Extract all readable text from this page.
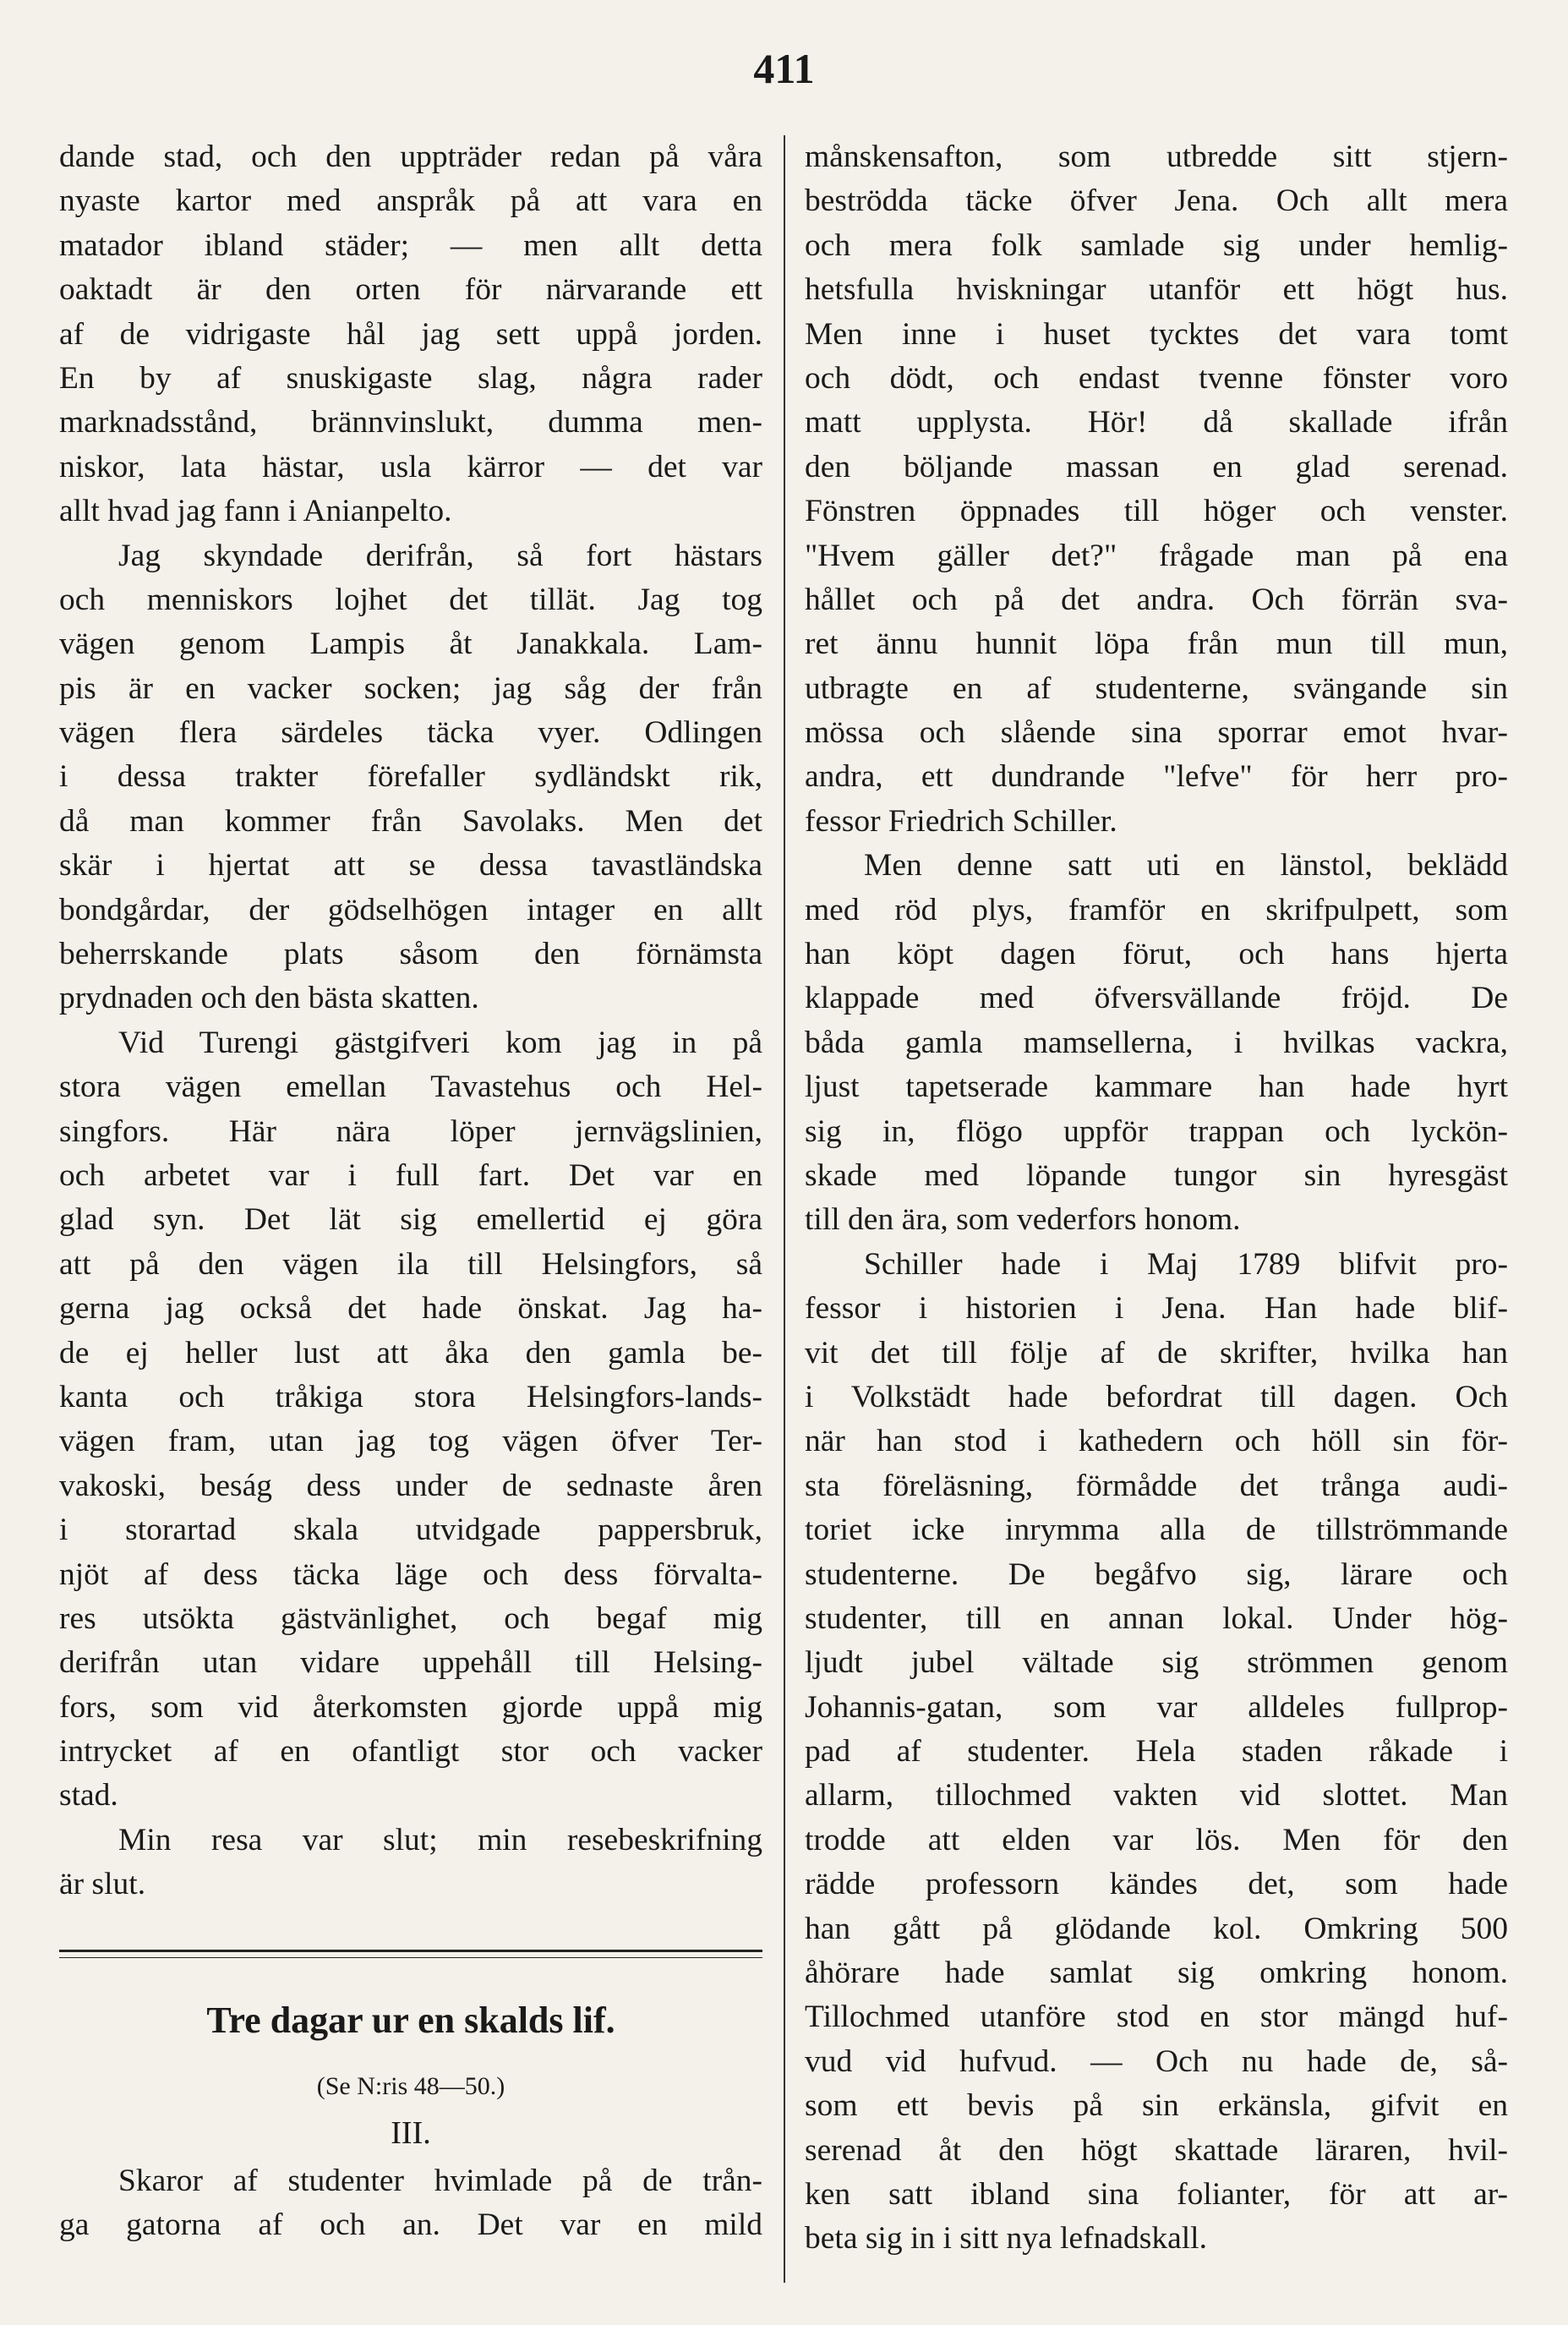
411
dande stad, och den uppträder redan på våra
nyaste kartor med anspråk på att vara en
matador ibland städer; — men allt detta
oaktadt är den orten för närvarande ett
af de vidrigaste hål jag sett uppå jorden.
En by af snuskigaste slag, några rader
marknadsstånd, brännvinslukt, dumma men-
niskor, lata hästar, usla kärror — det var
allt hvad jag fann i Anianpelto.
Jag skyndade derifrån, så fort hästars
och menniskors lojhet det tillät. Jag tog
vägen genom Lampis åt Janakkala. Lam-
pis är en vacker socken; jag såg der från
vägen flera särdeles täcka vyer. Odlingen
i dessa trakter förefaller sydländskt rik,
då man kommer från Savolaks. Men det
skär i hjertat att se dessa tavastländska
bondgårdar, der gödselhögen intager en allt
beherrskande plats såsom den förnämsta
prydnaden och den bästa skatten.
Vid Turengi gästgifveri kom jag in på
stora vägen emellan Tavastehus och Hel-
singfors. Här nära löper jernvägslinien,
och arbetet var i full fart. Det var en
glad syn. Det lät sig emellertid ej göra
att på den vägen ila till Helsingfors, så
gerna jag också det hade önskat. Jag ha-
de ej heller lust att åka den gamla be-
kanta och tråkiga stora Helsingfors-lands-
vägen fram, utan jag tog vägen öfver Ter-
vakoski, beság dess under de sednaste åren
i storartad skala utvidgade pappersbruk,
njöt af dess täcka läge och dess förvalta-
res utsökta gästvänlighet, och begaf mig
derifrån utan vidare uppehåll till Helsing-
fors, som vid återkomsten gjorde uppå mig
intrycket af en ofantligt stor och vacker
stad.
Min resa var slut; min resebeskrifning
är slut.
Tre dagar ur en skalds lif.
(Se N:ris 48—50.)
III.
Skaror af studenter hvimlade på de trån-
ga gatorna af och an. Det var en mild
månskensafton, som utbredde sitt stjern-
beströdda täcke öfver Jena. Och allt mera
och mera folk samlade sig under hemlig-
hetsfulla hviskningar utanför ett högt hus.
Men inne i huset tycktes det vara tomt
och dödt, och endast tvenne fönster voro
matt upplysta. Hör! då skallade ifrån
den böljande massan en glad serenad.
Fönstren öppnades till höger och venster.
"Hvem gäller det?" frågade man på ena
hållet och på det andra. Och förrän sva-
ret ännu hunnit löpa från mun till mun,
utbragte en af studenterne, svängande sin
mössa och slående sina sporrar emot hvar-
andra, ett dundrande "lefve" för herr pro-
fessor Friedrich Schiller.
Men denne satt uti en länstol, beklädd
med röd plys, framför en skrifpulpett, som
han köpt dagen förut, och hans hjerta
klappade med öfversvällande fröjd. De
båda gamla mamsellerna, i hvilkas vackra,
ljust tapetserade kammare han hade hyrt
sig in, flögo uppför trappan och lyckön-
skade med löpande tungor sin hyresgäst
till den ära, som vederfors honom.
Schiller hade i Maj 1789 blifvit pro-
fessor i historien i Jena. Han hade blif-
vit det till följe af de skrifter, hvilka han
i Volkstädt hade befordrat till dagen. Och
när han stod i kathedern och höll sin för-
sta föreläsning, förmådde det trånga audi-
toriet icke inrymma alla de tillströmmande
studenterne. De begåfvo sig, lärare och
studenter, till en annan lokal. Under hög-
ljudt jubel vältade sig strömmen genom
Johannis-gatan, som var alldeles fullprop-
pad af studenter. Hela staden råkade i
allarm, tillochmed vakten vid slottet. Man
trodde att elden var lös. Men för den
rädde professorn kändes det, som hade
han gått på glödande kol. Omkring 500
åhörare hade samlat sig omkring honom.
Tillochmed utanföre stod en stor mängd huf-
vud vid hufvud. — Och nu hade de, så-
som ett bevis på sin erkänsla, gifvit en
serenad åt den högt skattade läraren, hvil-
ken satt ibland sina folianter, för att ar-
beta sig in i sitt nya lefnadskall.
